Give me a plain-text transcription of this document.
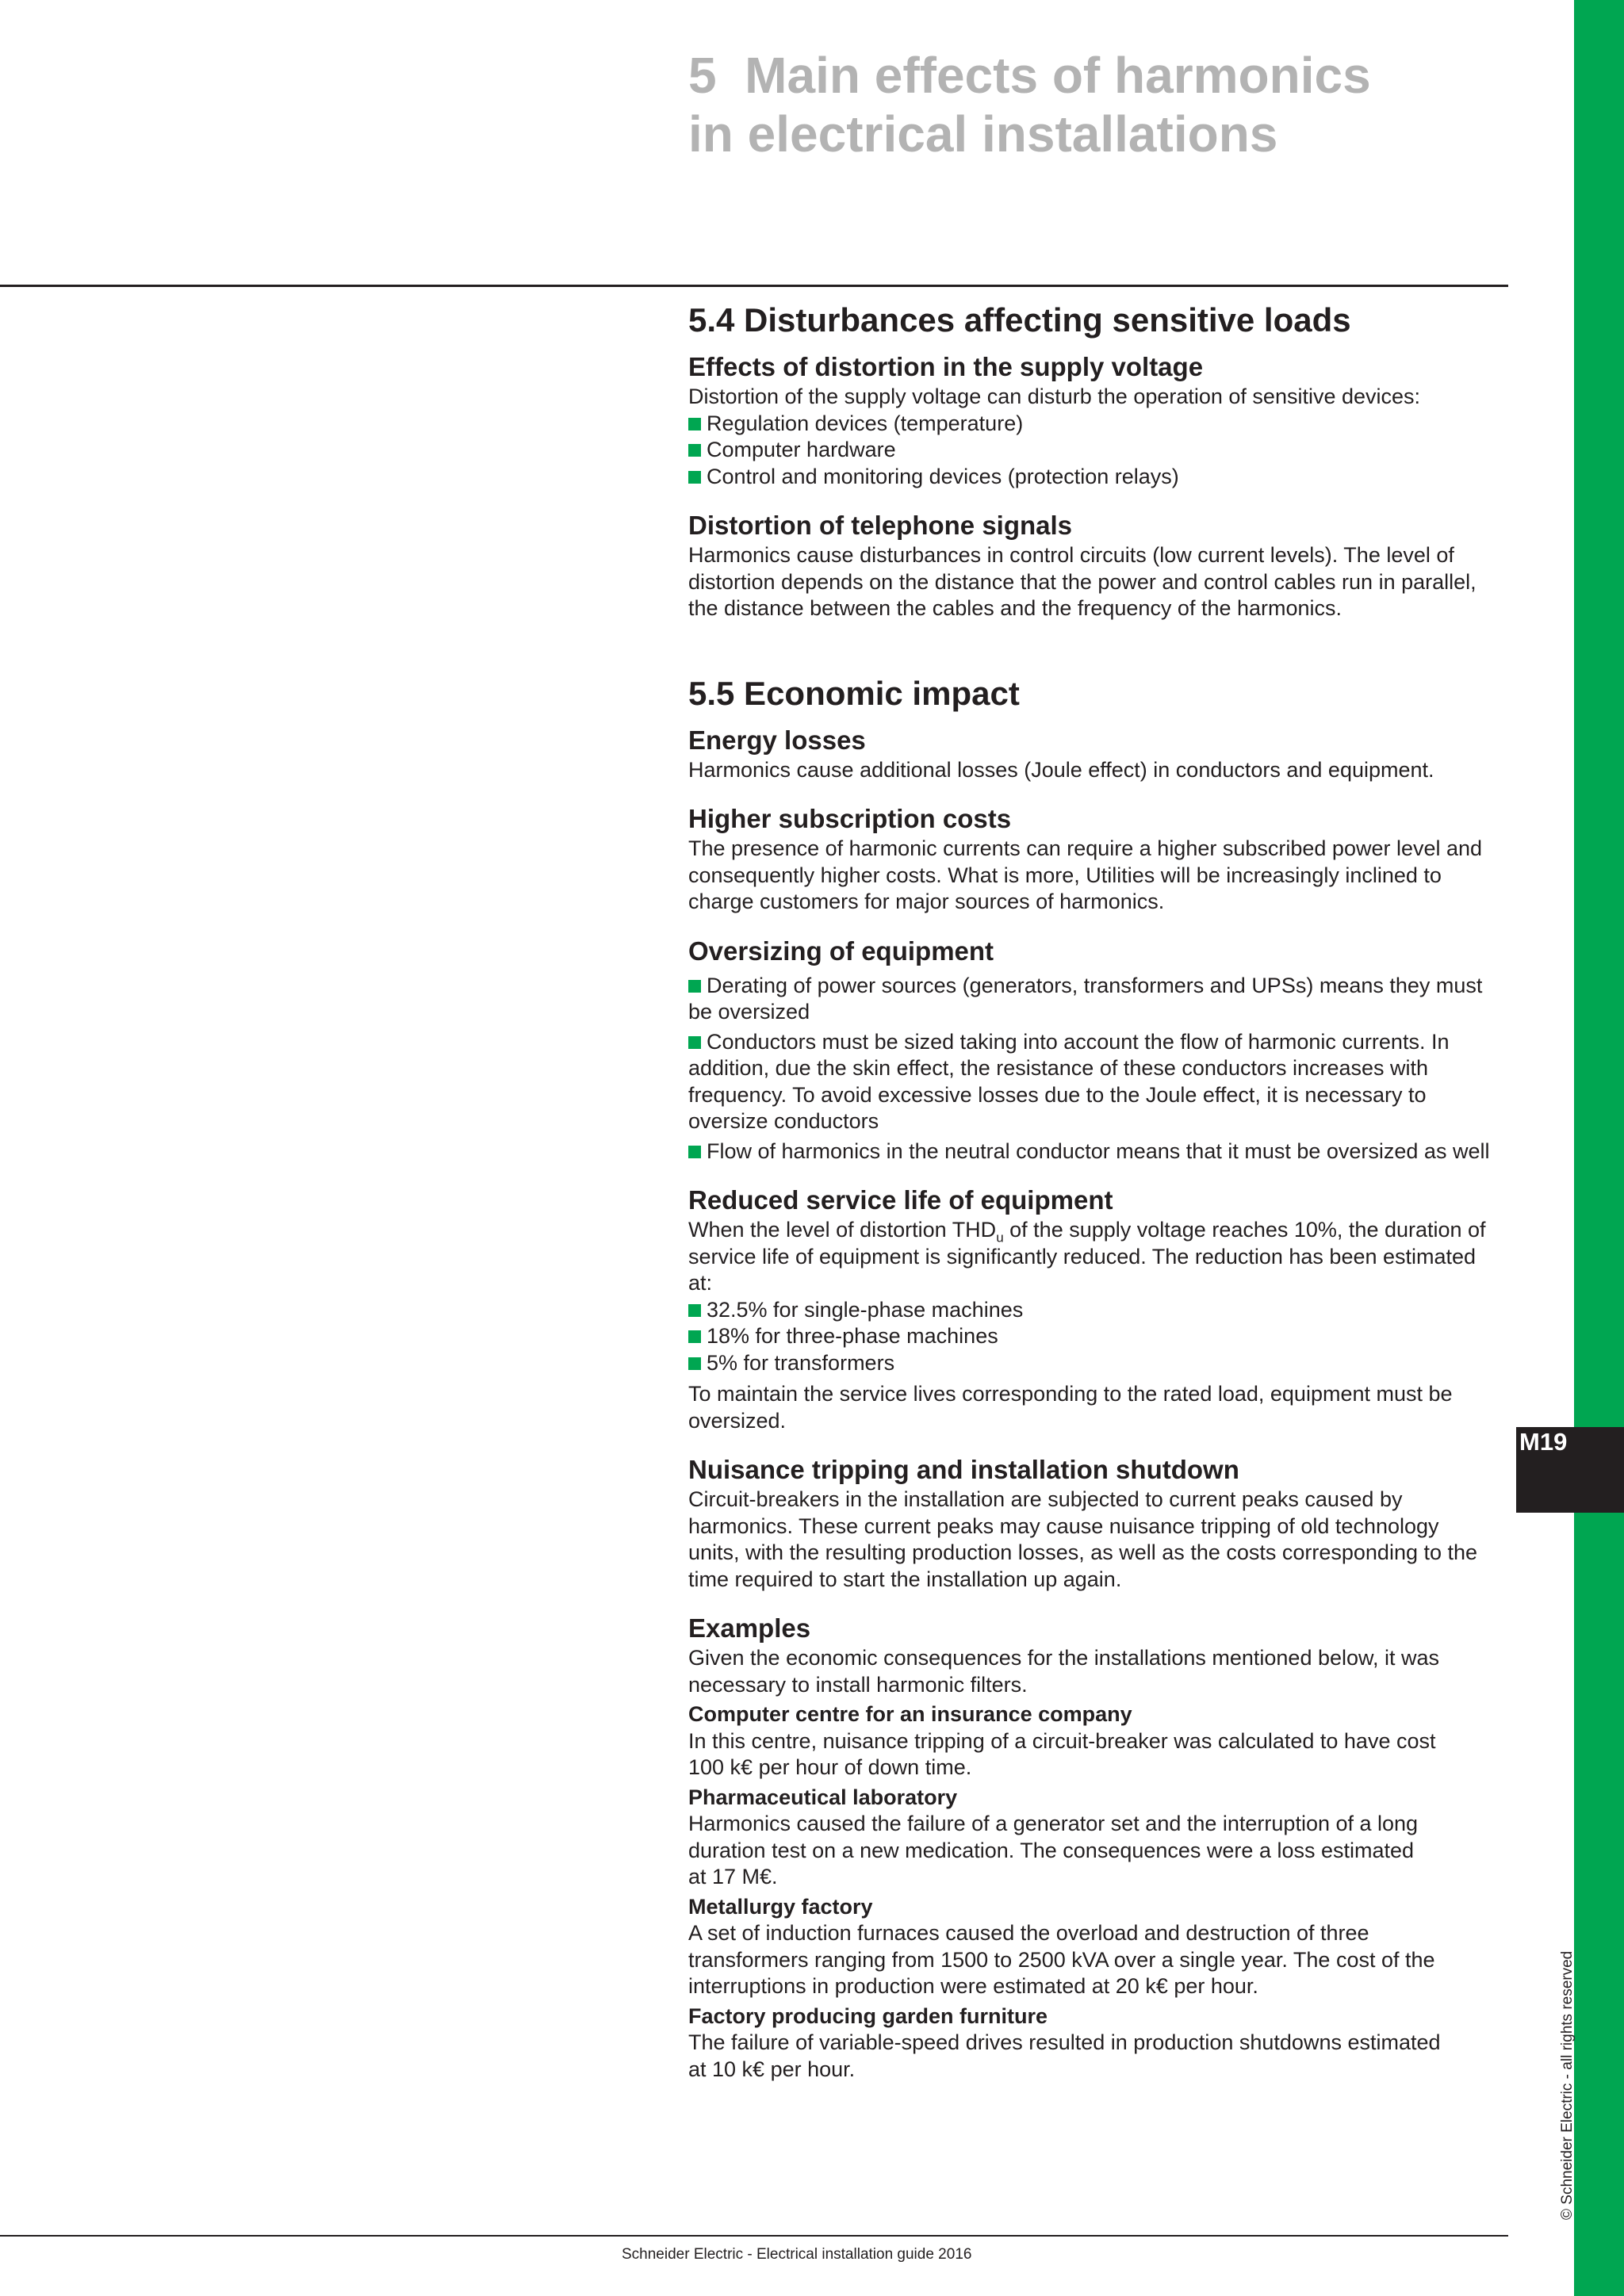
M19
© Schneider Electric - all rights reserved
5 Main effects of harmonics
in electrical installations
5.4 Disturbances affecting sensitive loads
Effects of distortion in the supply voltage

Distortion of the supply voltage can disturb the operation of sensitive devices:

Regulation devices (temperature)
Computer hardware
Control and monitoring devices (protection relays)
Distortion of telephone signals

Harmonics cause disturbances in control circuits (low current levels). The level of

distortion depends on the distance that the power and control cables run in parallel,

the distance between the cables and the frequency of the harmonics.

5.5 Economic impact
Energy losses

Harmonics cause additional losses (Joule effect) in conductors and equipment.

Higher subscription costs

The presence of harmonic currents can require a higher subscribed power level and

consequently higher costs. What is more, Utilities will be increasingly inclined to

charge customers for major sources of harmonics.

Oversizing of equipment
Derating of power sources (generators, transformers and UPSs) means they must
be oversized
Conductors must be sized taking into account the flow of harmonic currents. In
addition, due the skin effect, the resistance of these conductors increases with
frequency. To avoid excessive losses due to the Joule effect, it is necessary to
oversize conductors
Flow of harmonics in the neutral conductor means that it must be oversized as well
Reduced service life of equipment

When the level of distortion $THD_u$ of the supply voltage reaches 10%, the duration of

service life of equipment is significantly reduced. The reduction has been estimated

at:

32.5% for single-phase machines
18% for three-phase machines
5% for transformers

To maintain the service lives corresponding to the rated load, equipment must be

oversized.

Nuisance tripping and installation shutdown

Circuit-breakers in the installation are subjected to current peaks caused by

harmonics. These current peaks may cause nuisance tripping of old technology

units, with the resulting production losses, as well as the costs corresponding to the

time required to start the installation up again.

Examples

Given the economic consequences for the installations mentioned below, it was

necessary to install harmonic filters.

Computer centre for an insurance company

In this centre, nuisance tripping of a circuit-breaker was calculated to have cost

100 k€ per hour of down time.

Pharmaceutical laboratory

Harmonics caused the failure of a generator set and the interruption of a long

duration test on a new medication. The consequences were a loss estimated

at 17 M€.

Metallurgy factory

A set of induction furnaces caused the overload and destruction of three

transformers ranging from 1500 to 2500 kVA over a single year. The cost of the

interruptions in production were estimated at 20 k€ per hour.

Factory producing garden furniture

The failure of variable-speed drives resulted in production shutdowns estimated

at 10 k€ per hour.

Schneider Electric - Electrical installation guide 2016
